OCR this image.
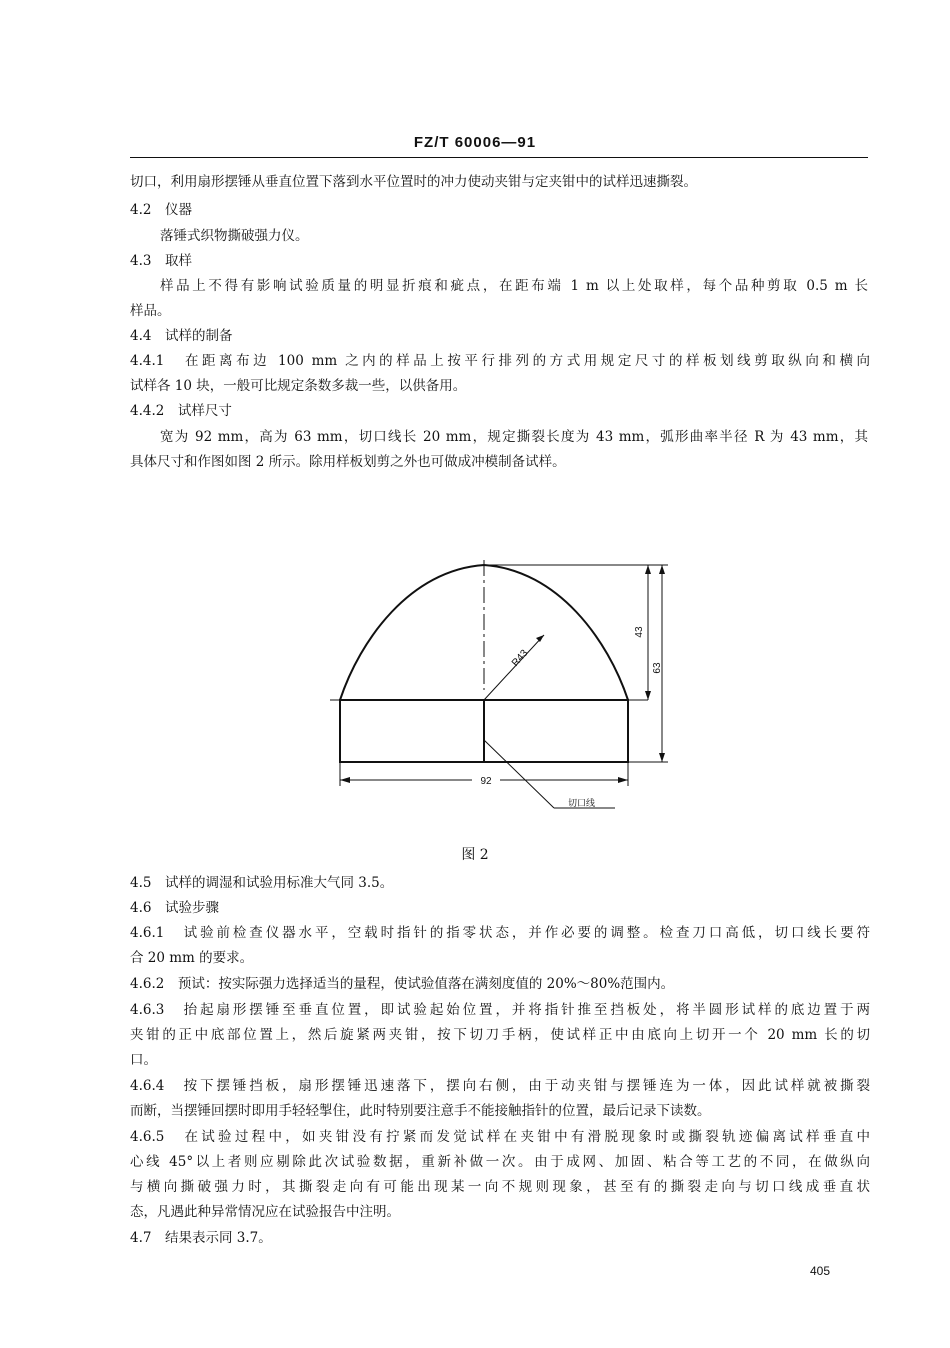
FZ/T 60006—91
切口，利用扇形摆锤从垂直位置下落到水平位置时的冲力使动夹钳与定夹钳中的试样迅速撕裂。
4.2　仪器
落锤式织物撕破强力仪。
4.3　取样
样品上不得有影响试验质量的明显折痕和疵点，在距布端 1 m 以上处取样，每个品种剪取 0.5 m 长
样品。
4.4　试样的制备
4.4.1　在距离布边 100 mm 之内的样品上按平行排列的方式用规定尺寸的样板划线剪取纵向和横向
试样各 10 块，一般可比规定条数多裁一些，以供备用。
4.4.2　试样尺寸
宽为 92 mm，高为 63 mm，切口线长 20 mm，规定撕裂长度为 43 mm，弧形曲率半径 R 为 43 mm，其
具体尺寸和作图如图 2 所示。除用样板划剪之外也可做成冲模制备试样。
R43
43
63
92
切口线
图 2
4.5　试样的调湿和试验用标准大气同 3.5。
4.6　试验步骤
4.6.1　试验前检查仪器水平，空载时指针的指零状态，并作必要的调整。检查刀口高低，切口线长要符
合 20 mm 的要求。
4.6.2　预试：按实际强力选择适当的量程，使试验值落在满刻度值的 20%～80%范围内。
4.6.3　抬起扇形摆锤至垂直位置，即试验起始位置，并将指针推至挡板处，将半圆形试样的底边置于两
夹钳的正中底部位置上，然后旋紧两夹钳，按下切刀手柄，使试样正中由底向上切开一个 20 mm 长的切
口。
4.6.4　按下摆锤挡板，扇形摆锤迅速落下，摆向右侧，由于动夹钳与摆锤连为一体，因此试样就被撕裂
而断，当摆锤回摆时即用手轻轻掣住，此时特别要注意手不能接触指针的位置，最后记录下读数。
4.6.5　在试验过程中，如夹钳没有拧紧而发觉试样在夹钳中有滑脱现象时或撕裂轨迹偏离试样垂直中
心线 45°以上者则应剔除此次试验数据，重新补做一次。由于成网、加固、粘合等工艺的不同，在做纵向
与横向撕破强力时，其撕裂走向有可能出现某一向不规则现象，甚至有的撕裂走向与切口线成垂直状
态，凡遇此种异常情况应在试验报告中注明。
4.7　结果表示同 3.7。
405
